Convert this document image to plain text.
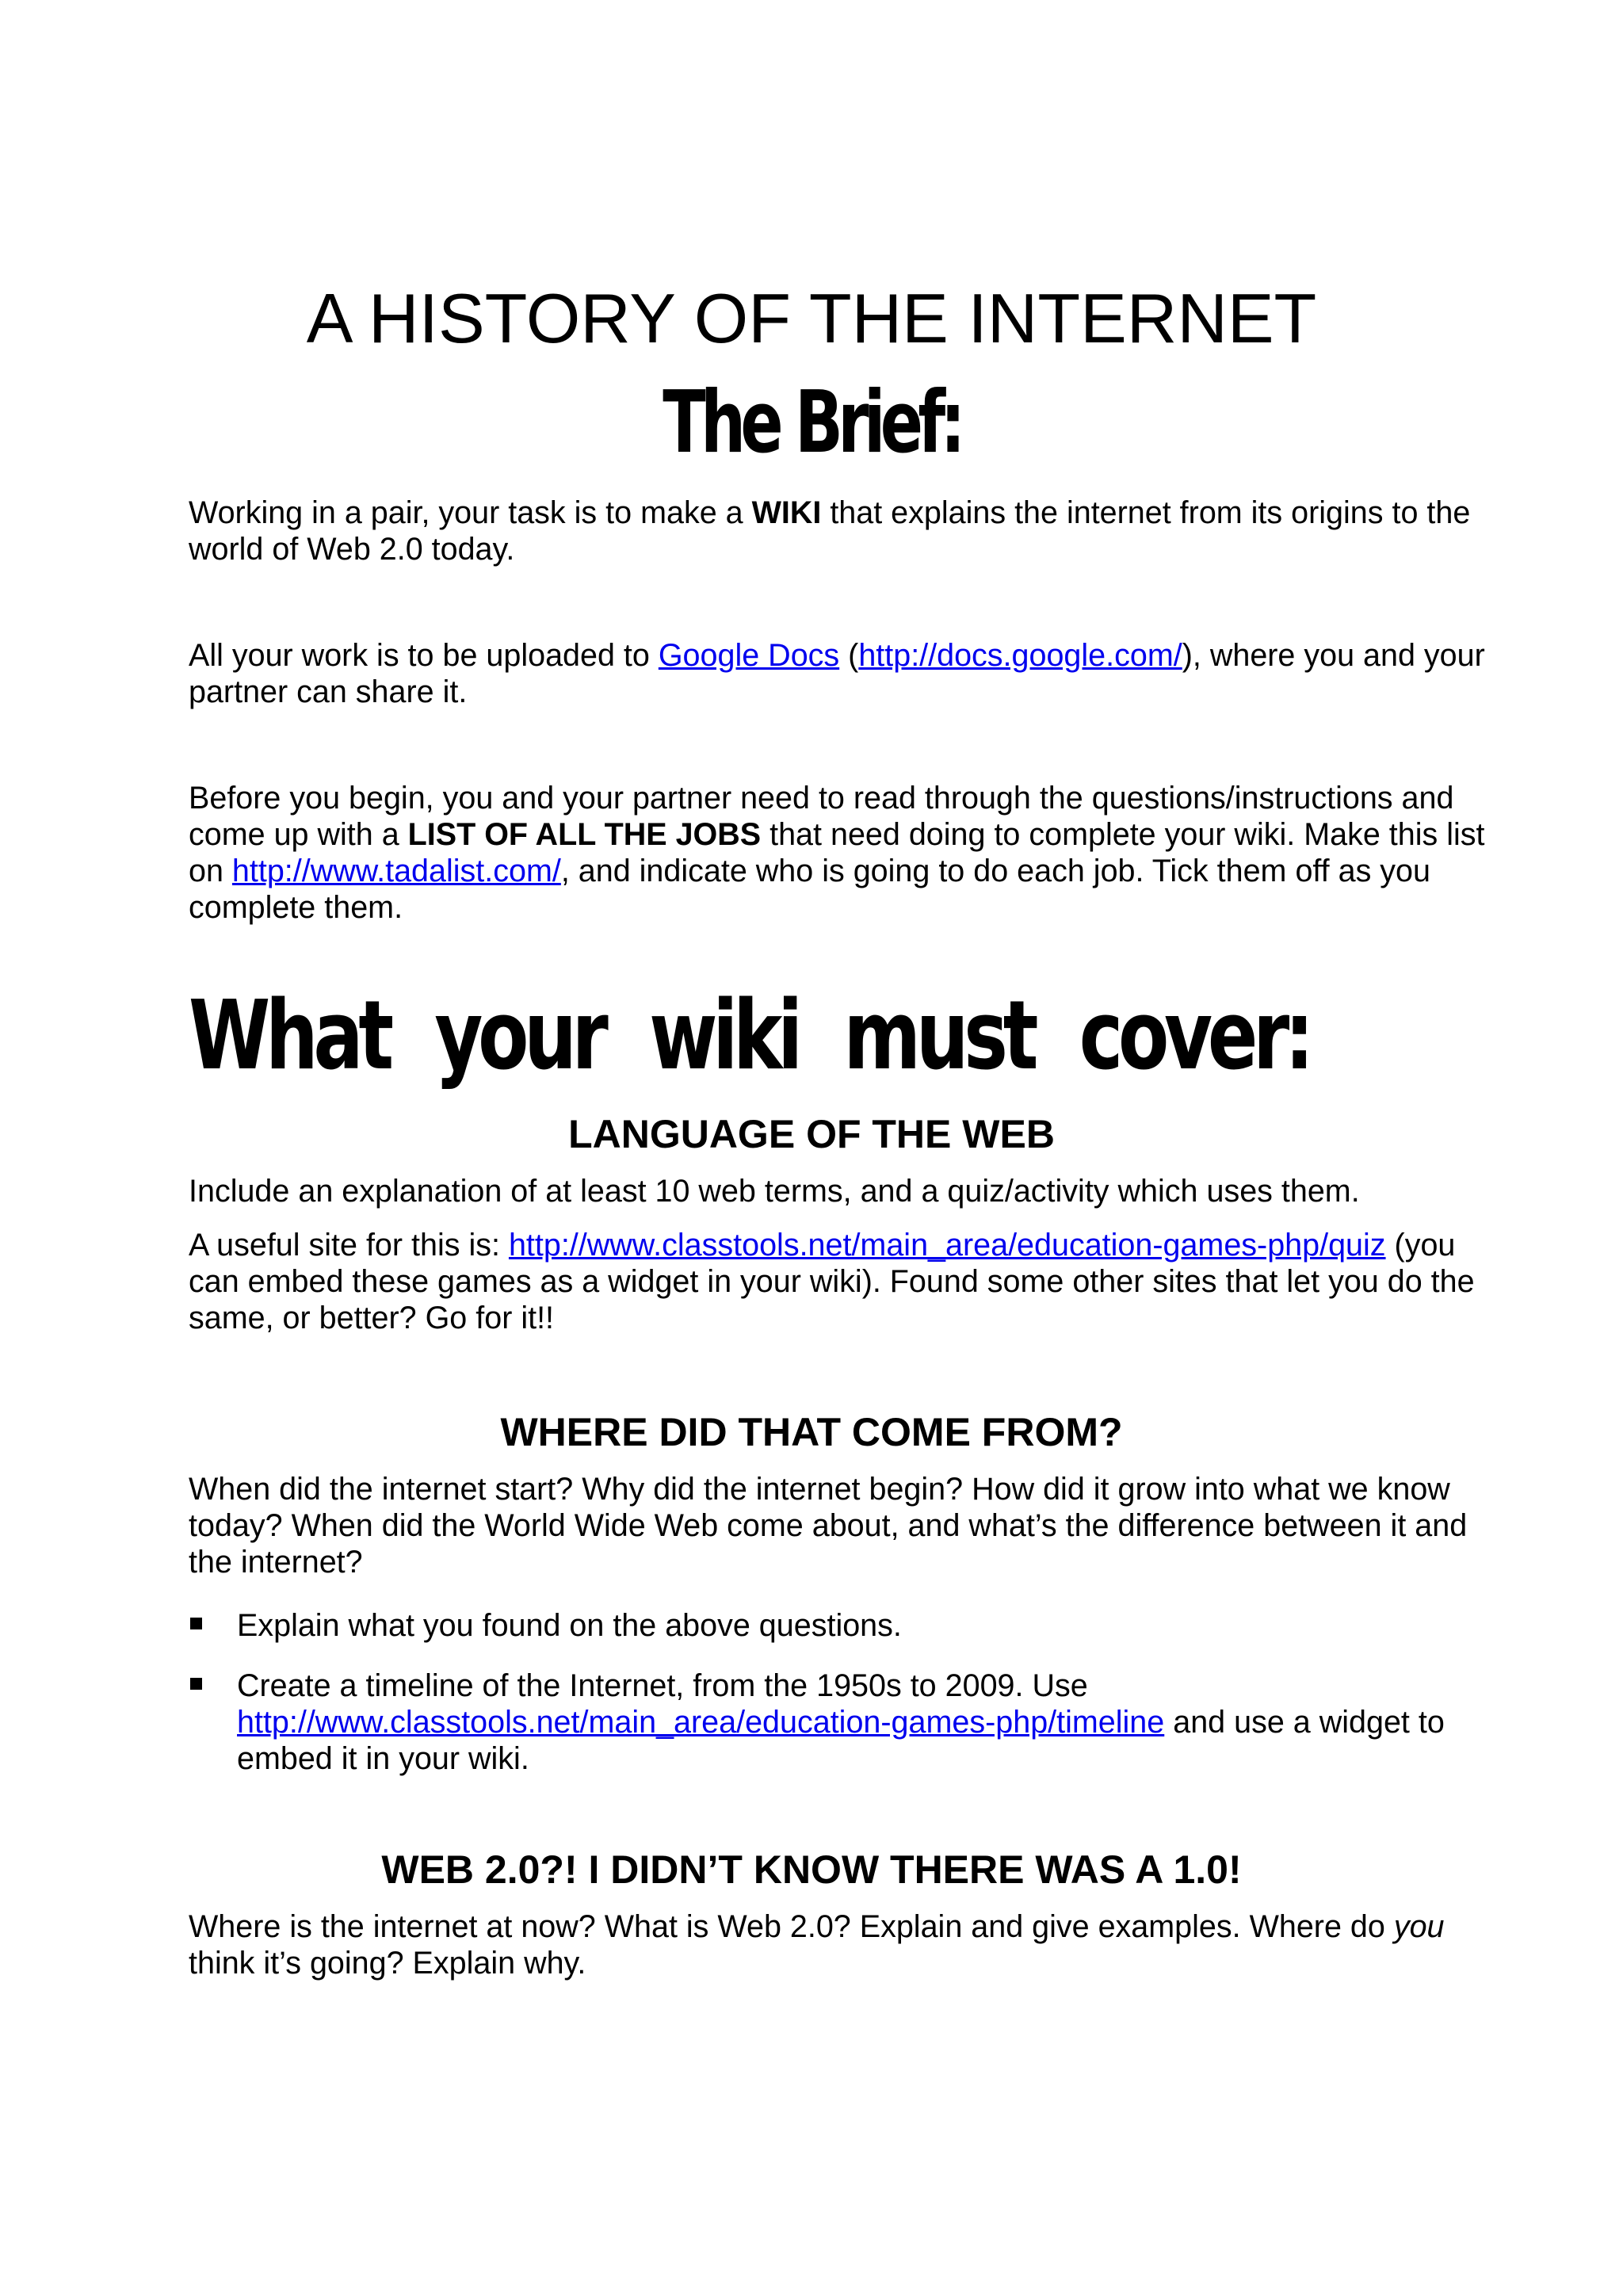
A HISTORY OF THE INTERNET
The Brief:

Working in a pair, your task is to make a WIKI that explains the internet from its origins to the world of Web 2.0 today.

All your work is to be uploaded to Google Docs (http://docs.google.com/), where you and your partner can share it.

Before you begin, you and your partner need to read through the questions/instructions and come up with a LIST OF ALL THE JOBS that need doing to complete your wiki. Make this list on http://www.tadalist.com/, and indicate who is going to do each job. Tick them off as you complete them.

What your wiki must cover:
LANGUAGE OF THE WEB

Include an explanation of at least 10 web terms, and a quiz/activity which uses them.

A useful site for this is: http://www.classtools.net/main_area/education-games-php/quiz (you can embed these games as a widget in your wiki). Found some other sites that let you do the same, or better? Go for it!!

WHERE DID THAT COME FROM?

When did the internet start? Why did the internet begin? How did it grow into what we know today? When did the World Wide Web come about, and what’s the difference between it and the internet?

Explain what you found on the above questions.
Create a timeline of the Internet, from the 1950s to 2009. Use http://www.classtools.net/main_area/education-games-php/timeline and use a widget to embed it in your wiki.
WEB 2.0?! I DIDN’T KNOW THERE WAS A 1.0!

Where is the internet at now? What is Web 2.0? Explain and give examples. Where do you think it’s going? Explain why.
